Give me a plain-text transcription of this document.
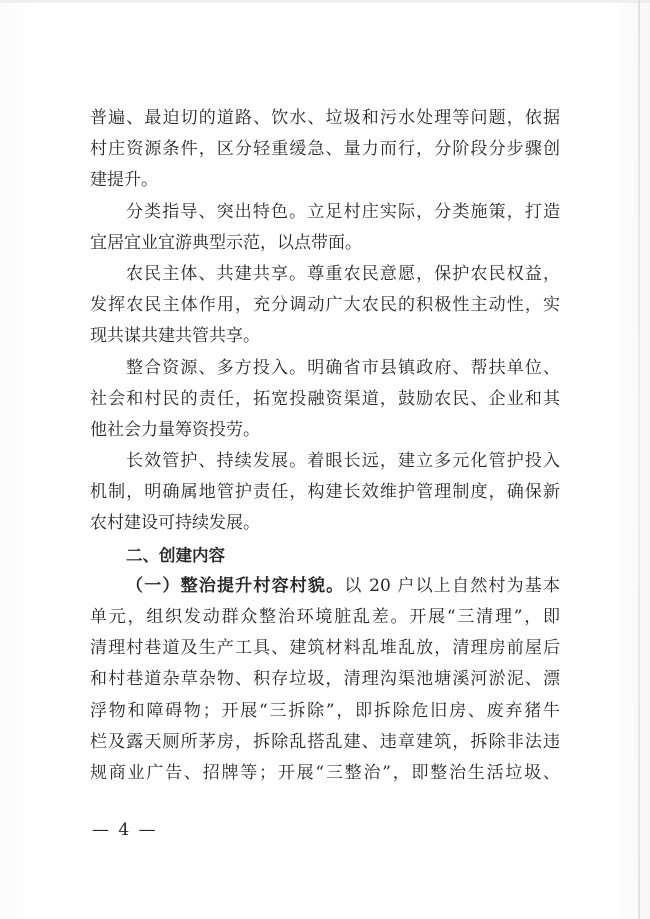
普遍、最迫切的道路、饮水、垃圾和污水处理等问题，依据
村庄资源条件，区分轻重缓急、量力而行，分阶段分步骤创
建提升。
分类指导、突出特色。立足村庄实际，分类施策，打造
宜居宜业宜游典型示范，以点带面。
农民主体、共建共享。尊重农民意愿，保护农民权益，
发挥农民主体作用，充分调动广大农民的积极性主动性，实
现共谋共建共管共享。
整合资源、多方投入。明确省市县镇政府、帮扶单位、
社会和村民的责任，拓宽投融资渠道，鼓励农民、企业和其
他社会力量筹资投劳。
长效管护、持续发展。着眼长远，建立多元化管护投入
机制，明确属地管护责任，构建长效维护管理制度，确保新
农村建设可持续发展。
二、创建内容
（一）整治提升村容村貌。以 20 户以上自然村为基本
单元，组织发动群众整治环境脏乱差。开展“三清理”，即
清理村巷道及生产工具、建筑材料乱堆乱放，清理房前屋后
和村巷道杂草杂物、积存垃圾，清理沟渠池塘溪河淤泥、漂
浮物和障碍物；开展“三拆除”，即拆除危旧房、废弃猪牛
栏及露天厕所茅房，拆除乱搭乱建、违章建筑，拆除非法违
规商业广告、招牌等；开展“三整治”，即整治生活垃圾、
— 4 —
